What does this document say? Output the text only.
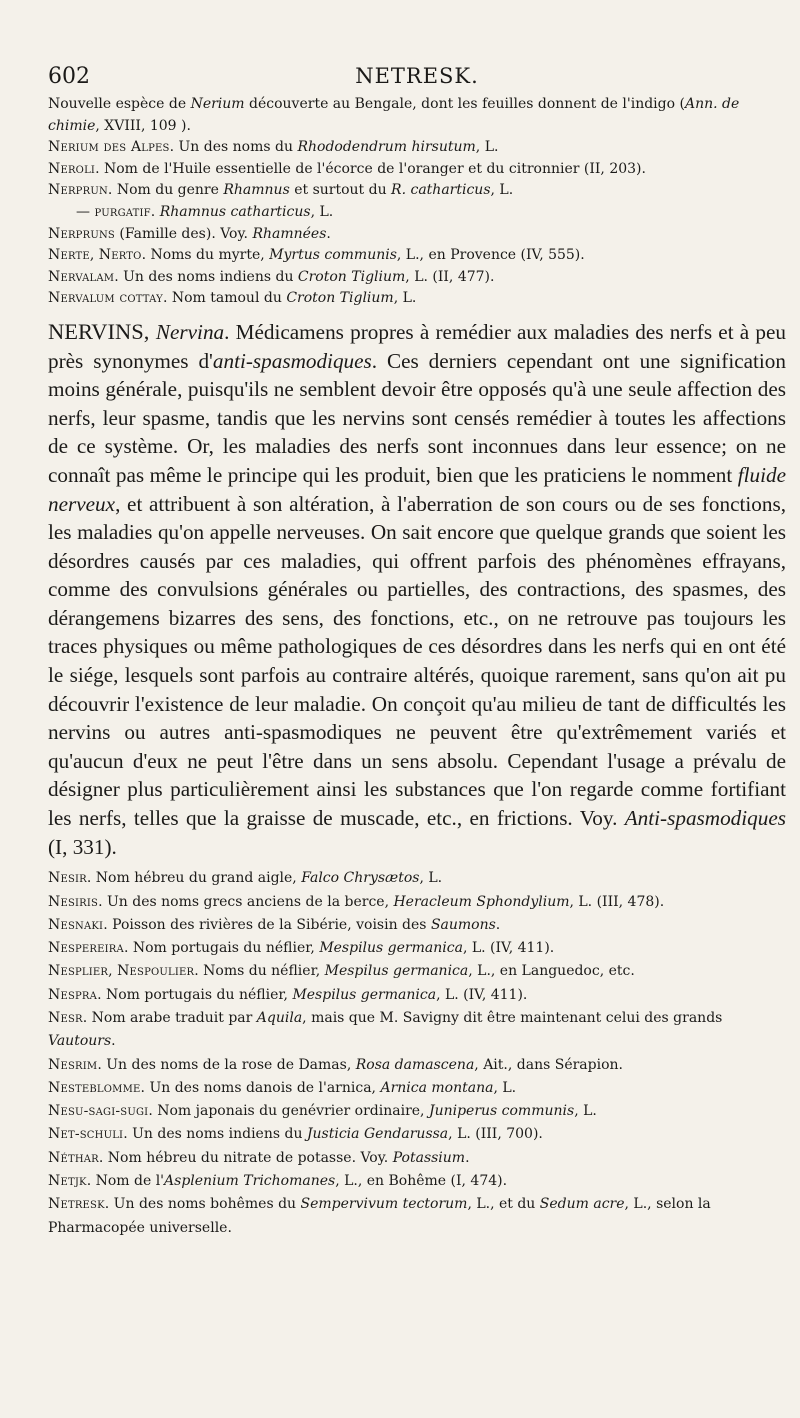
602	NETRESK.

Nouvelle espèce de Nerium découverte au Bengale, dont les feuilles donnent de l'indigo (Ann. de chimie, XVIII, 109 ).

Nerium des Alpes. Un des noms du Rhododendrum hirsutum, L.

Neroli. Nom de l'Huile essentielle de l'écorce de l'oranger et du citronnier (II, 203).

Nerprun. Nom du genre Rhamnus et surtout du R. catharticus, L.

— purgatif. Rhamnus catharticus, L.

Nerpruns (Famille des). Voy. Rhamnées.

Nerte, Nerto. Noms du myrte, Myrtus communis, L., en Provence (IV, 555).

Nervalam. Un des noms indiens du Croton Tiglium, L. (II, 477).

Nervalum cottay. Nom tamoul du Croton Tiglium, L.

NERVINS, Nervina. Médicamens propres à remédier aux maladies des nerfs et à peu près synonymes d'anti-spasmodiques. Ces derniers cependant ont une signification moins générale, puisqu'ils ne semblent devoir être opposés qu'à une seule affection des nerfs, leur spasme, tandis que les nervins sont censés remédier à toutes les affections de ce système. Or, les maladies des nerfs sont inconnues dans leur essence; on ne connaît pas même le principe qui les produit, bien que les praticiens le nomment fluide nerveux, et attribuent à son altération, à l'aberration de son cours ou de ses fonctions, les maladies qu'on appelle nerveuses. On sait encore que quelque grands que soient les désordres causés par ces maladies, qui offrent parfois des phénomènes effrayans, comme des convulsions générales ou partielles, des contractions, des spasmes, des dérangemens bizarres des sens, des fonctions, etc., on ne retrouve pas toujours les traces physiques ou même pathologiques de ces désordres dans les nerfs qui en ont été le siége, lesquels sont parfois au contraire altérés, quoique rarement, sans qu'on ait pu découvrir l'existence de leur maladie. On conçoit qu'au milieu de tant de difficultés les nervins ou autres anti-spasmodiques ne peuvent être qu'extrêmement variés et qu'aucun d'eux ne peut l'être dans un sens absolu. Cependant l'usage a prévalu de désigner plus particulièrement ainsi les substances que l'on regarde comme fortifiant les nerfs, telles que la graisse de muscade, etc., en frictions. Voy. Anti-spasmodiques (I, 331).

Nesir. Nom hébreu du grand aigle, Falco Chrysætos, L.

Nesiris. Un des noms grecs anciens de la berce, Heracleum Sphondylium, L. (III, 478).

Nesnaki. Poisson des rivières de la Sibérie, voisin des Saumons.

Nespereira. Nom portugais du néflier, Mespilus germanica, L. (IV, 411).

Nesplier, Nespoulier. Noms du néflier, Mespilus germanica, L., en Languedoc, etc.

Nespra. Nom portugais du néflier, Mespilus germanica, L. (IV, 411).

Nesr. Nom arabe traduit par Aquila, mais que M. Savigny dit être maintenant celui des grands Vautours.

Nesrim. Un des noms de la rose de Damas, Rosa damascena, Ait., dans Sérapion.

Nesteblomme. Un des noms danois de l'arnica, Arnica montana, L.

Nesu-sagi-sugi. Nom japonais du genévrier ordinaire, Juniperus communis, L.

Net-schuli. Un des noms indiens du Justicia Gendarussa, L. (III, 700).

Néthar. Nom hébreu du nitrate de potasse. Voy. Potassium.

Netjk. Nom de l'Asplenium Trichomanes, L., en Bohême (I, 474).

Netresk. Un des noms bohêmes du Sempervivum tectorum, L., et du Sedum acre, L., selon la Pharmacopée universelle.
